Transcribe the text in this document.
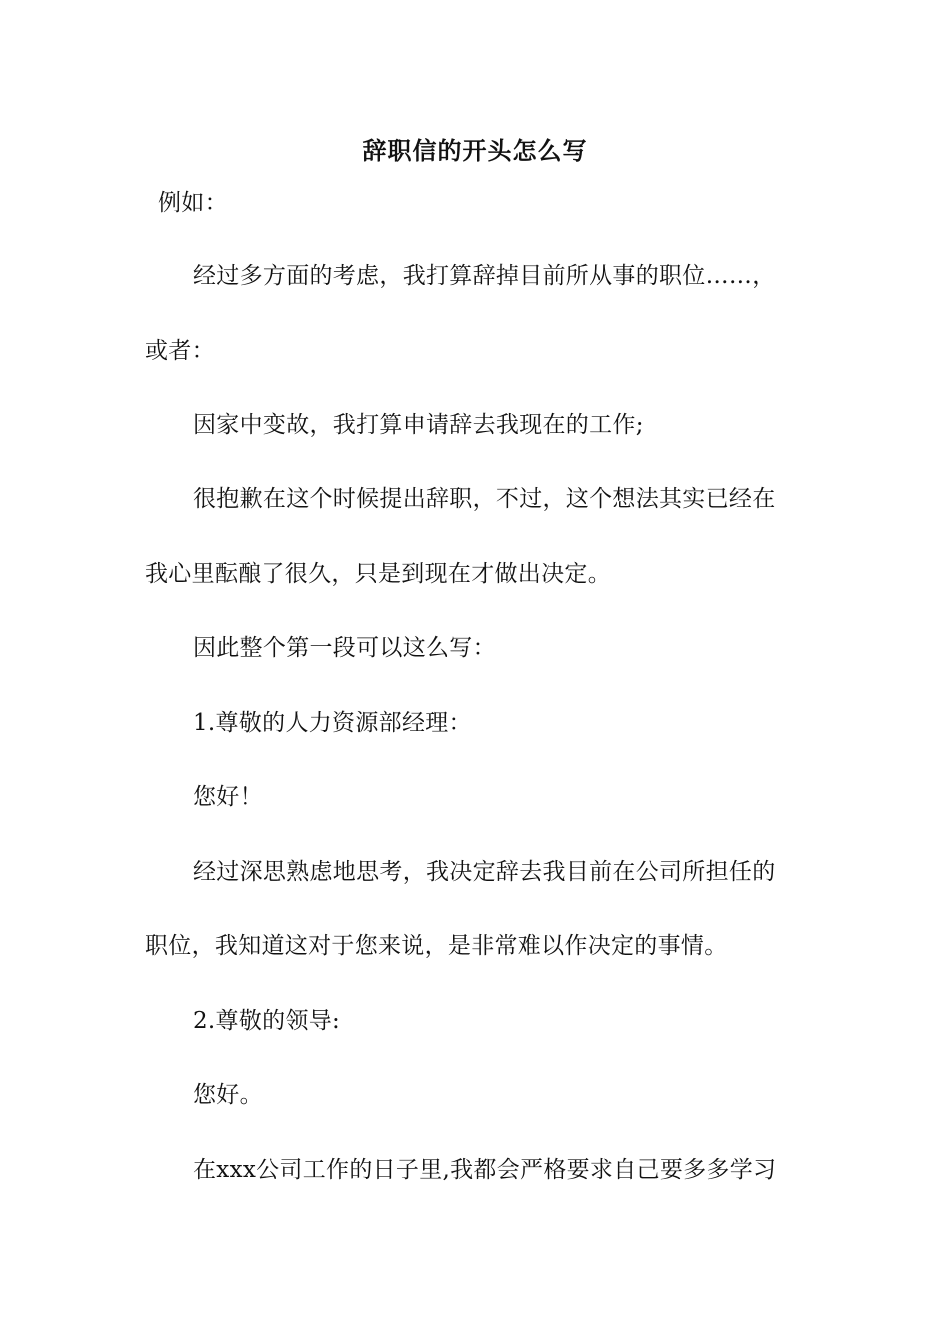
辞职信的开头怎么写
例如：
经过多方面的考虑，我打算辞掉目前所从事的职位……，
或者：
因家中变故，我打算申请辞去我现在的工作;
很抱歉在这个时候提出辞职，不过，这个想法其实已经在
我心里酝酿了很久，只是到现在才做出决定。
因此整个第一段可以这么写：
1.尊敬的人力资源部经理：
您好！
经过深思熟虑地思考，我决定辞去我目前在公司所担任的
职位，我知道这对于您来说，是非常难以作决定的事情。
2.尊敬的领导:
您好。
在xxx公司工作的日子里,我都会严格要求自己要多多学习
